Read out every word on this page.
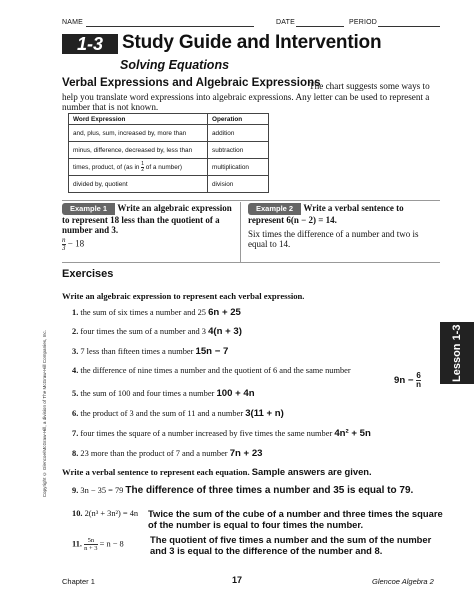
NAME	DATE	PERIOD
1-3	Study Guide and Intervention
Solving Equations
Verbal Expressions and Algebraic Expressions
The chart suggests some ways to help you translate word expressions into algebraic expressions. Any letter can be used to represent a number that is not known.
Word Expression	Operation
and, plus, sum, increased by, more than	addition
minus, difference, decreased by, less than	subtraction
times, product, of (as in $\frac{1}{2}$ of a number)	multiplication
divided by, quotient	division
Example 1 Write an algebraic expression to represent 18 less than the quotient of a number and 3.
$\frac{n}{3} - 18$
Example 2 Write a verbal sentence to represent 6(n − 2) = 14.
Six times the difference of a number and two is equal to 14.
Exercises
Write an algebraic expression to represent each verbal expression.
1. the sum of six times a number and 25 6n + 25
2. four times the sum of a number and 3 4(n + 3)
3. 7 less than fifteen times a number 15n − 7
4. the difference of nine times a number and the quotient of 6 and the same number
$9n - \frac{6}{n}$
5. the sum of 100 and four times a number 100 + 4n
6. the product of 3 and the sum of 11 and a number 3(11 + n)
7. four times the square of a number increased by five times the same number 4n² + 5n
8. 23 more than the product of 7 and a number 7n + 23
Write a verbal sentence to represent each equation. Sample answers are given.
9. 3n − 35 = 79 The difference of three times a number and 35 is equal to 79.
10. 2(n³ + 3n²) = 4n Twice the sum of the cube of a number and three times the square of the number is equal to four times the number.
11. $\frac{5n}{n + 3} = n - 8$	The quotient of five times a number and the sum of the number and 3 is equal to the difference of the number and 8.
Lesson 1-3
Copyright © Glencoe/McGraw-Hill, a division of The McGraw-Hill Companies, Inc.
Chapter 1	17	Glencoe Algebra 2
